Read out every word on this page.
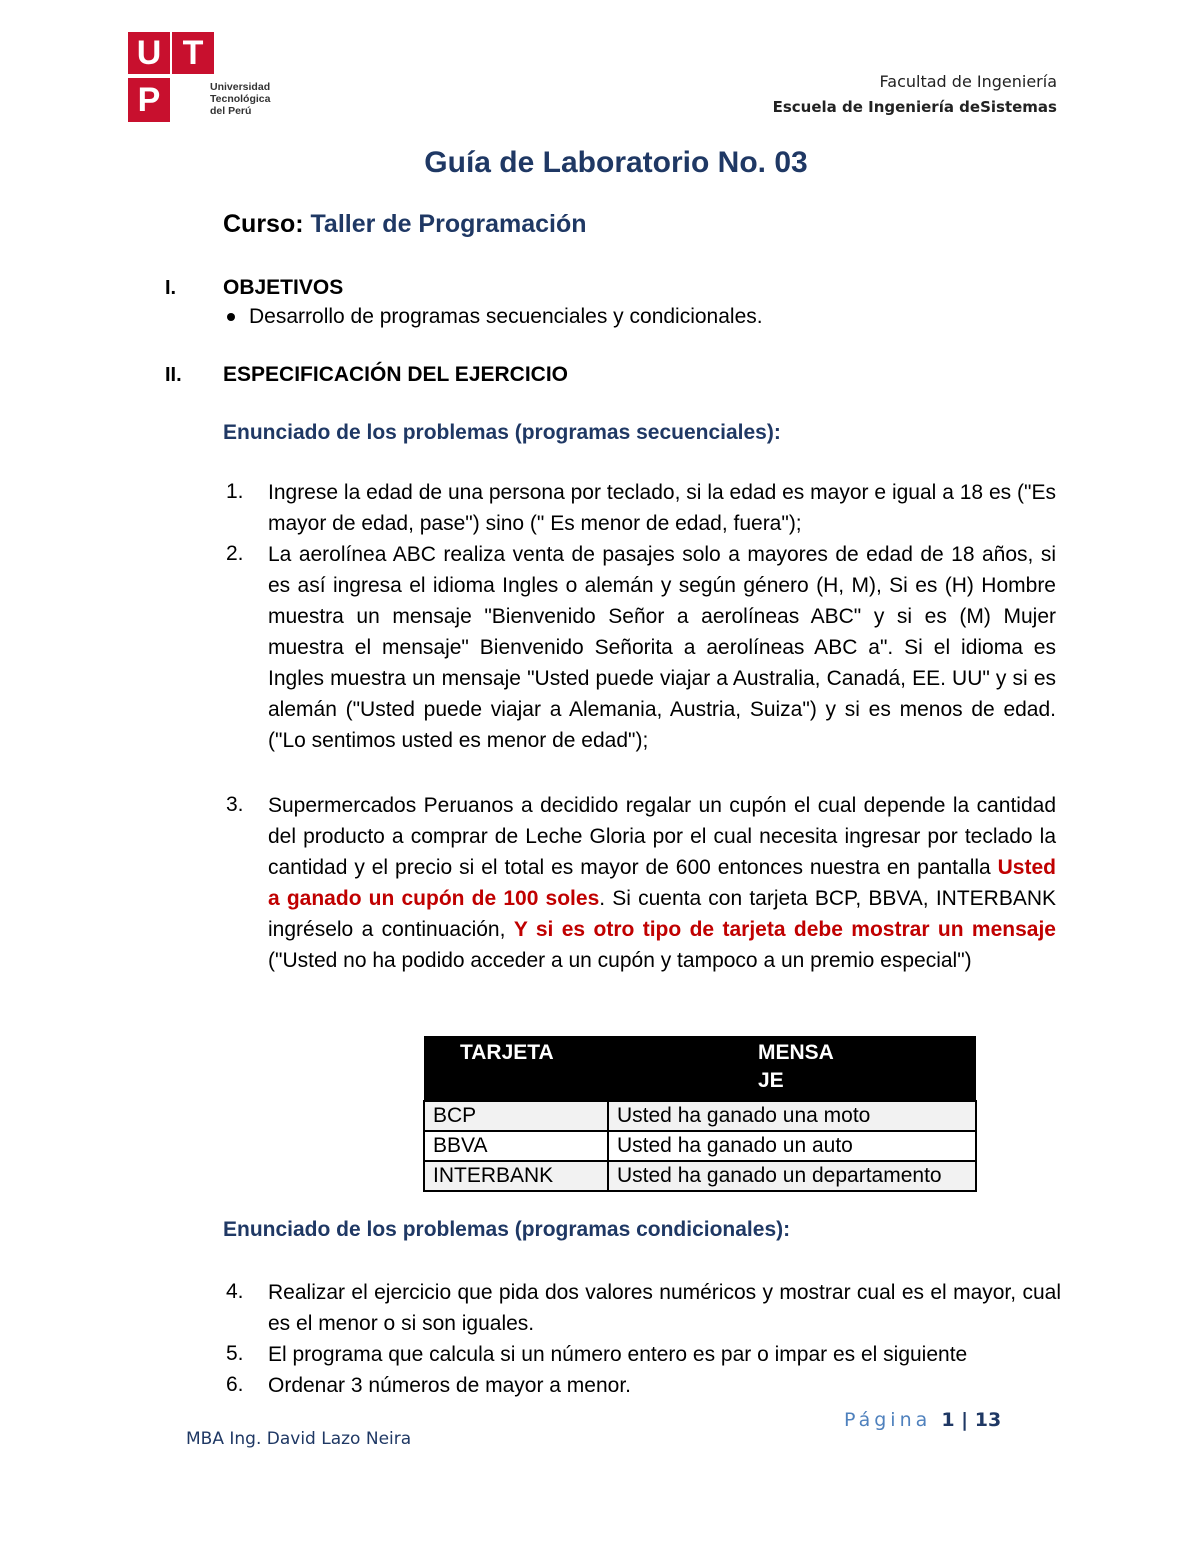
U T
P	Universidad
Tecnológica
del Perú
Facultad de Ingeniería
Escuela de Ingeniería deSistemas
Guía de Laboratorio No. 03
Curso: Taller de Programación
I. OBJETIVOS
Desarrollo de programas secuenciales y condicionales.
II. ESPECIFICACIÓN DEL EJERCICIO
Enunciado de los problemas (programas secuenciales):
1. Ingrese la edad de una persona por teclado, si la edad es mayor e igual a 18 es ("Es mayor de edad, pase") sino (" Es menor de edad, fuera");
2. La aerolínea ABC realiza venta de pasajes solo a mayores de edad de 18 años, si es así ingresa el idioma Ingles o alemán y según género (H, M), Si es (H) Hombre muestra un mensaje "Bienvenido Señor a aerolíneas ABC" y si es (M) Mujer muestra el mensaje" Bienvenido Señorita a aerolíneas ABC a". Si el idioma es Ingles muestra un mensaje "Usted puede viajar a Australia, Canadá, EE. UU" y si es alemán ("Usted puede viajar a Alemania, Austria, Suiza") y si es menos de edad. ("Lo sentimos usted es menor de edad");
3. Supermercados Peruanos a decidido regalar un cupón el cual depende la cantidad del producto a comprar de Leche Gloria por el cual necesita ingresar por teclado la cantidad y el precio si el total es mayor de 600 entonces nuestra en pantalla Usted a ganado un cupón de 100 soles. Si cuenta con tarjeta BCP, BBVA, INTERBANK ingréselo a continuación, Y si es otro tipo de tarjeta debe mostrar un mensaje ("Usted no ha podido acceder a un cupón y tampoco a un premio especial")
TARJETA	MENSA
JE
BCP	Usted ha ganado una moto
BBVA	Usted ha ganado un auto
INTERBANK	Usted ha ganado un departamento
Enunciado de los problemas (programas condicionales):
4. Realizar el ejercicio que pida dos valores numéricos y mostrar cual es el mayor, cual es el menor o si son iguales.
5. El programa que calcula si un número entero es par o impar es el siguiente
6. Ordenar 3 números de mayor a menor.
Página 1 | 13
MBA Ing. David Lazo Neira
